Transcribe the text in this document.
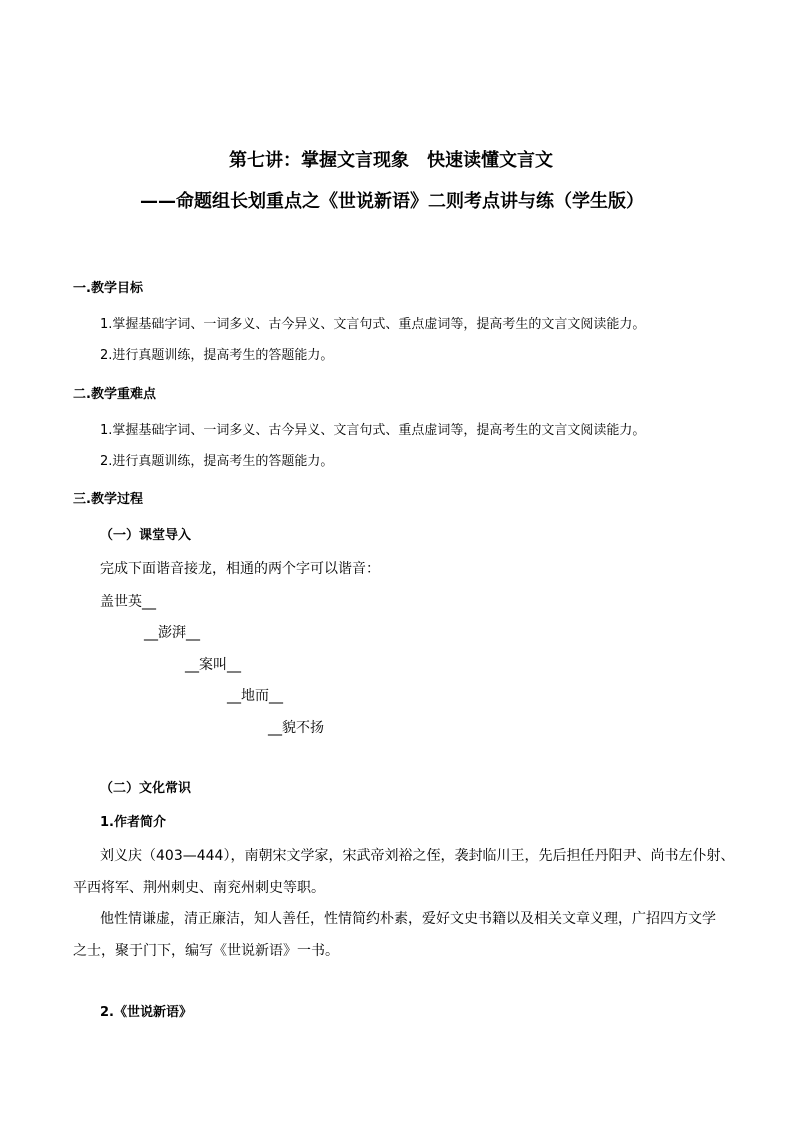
第七讲：掌握文言现象　快速读懂文言文
——命题组长划重点之《世说新语》二则考点讲与练（学生版）
一.教学目标
1.掌握基础字词、一词多义、古今异义、文言句式、重点虚词等，提高考生的文言文阅读能力。
2.进行真题训练，提高考生的答题能力。
二.教学重难点
1.掌握基础字词、一词多义、古今异义、文言句式、重点虚词等，提高考生的文言文阅读能力。
2.进行真题训练，提高考生的答题能力。
三.教学过程
（一）课堂导入
完成下面谐音接龙，相通的两个字可以谐音：
盖世英__
__澎湃__
__案叫__
__地而__
__貌不扬
（二）文化常识
1.作者简介
刘义庆（403—444），南朝宋文学家，宋武帝刘裕之侄，袭封临川王，先后担任丹阳尹、尚书左仆射、
平西将军、荆州刺史、南兖州刺史等职。
他性情谦虚，清正廉洁，知人善任，性情简约朴素，爱好文史书籍以及相关文章义理，广招四方文学
之士，聚于门下，编写《世说新语》一书。
2.《世说新语》
